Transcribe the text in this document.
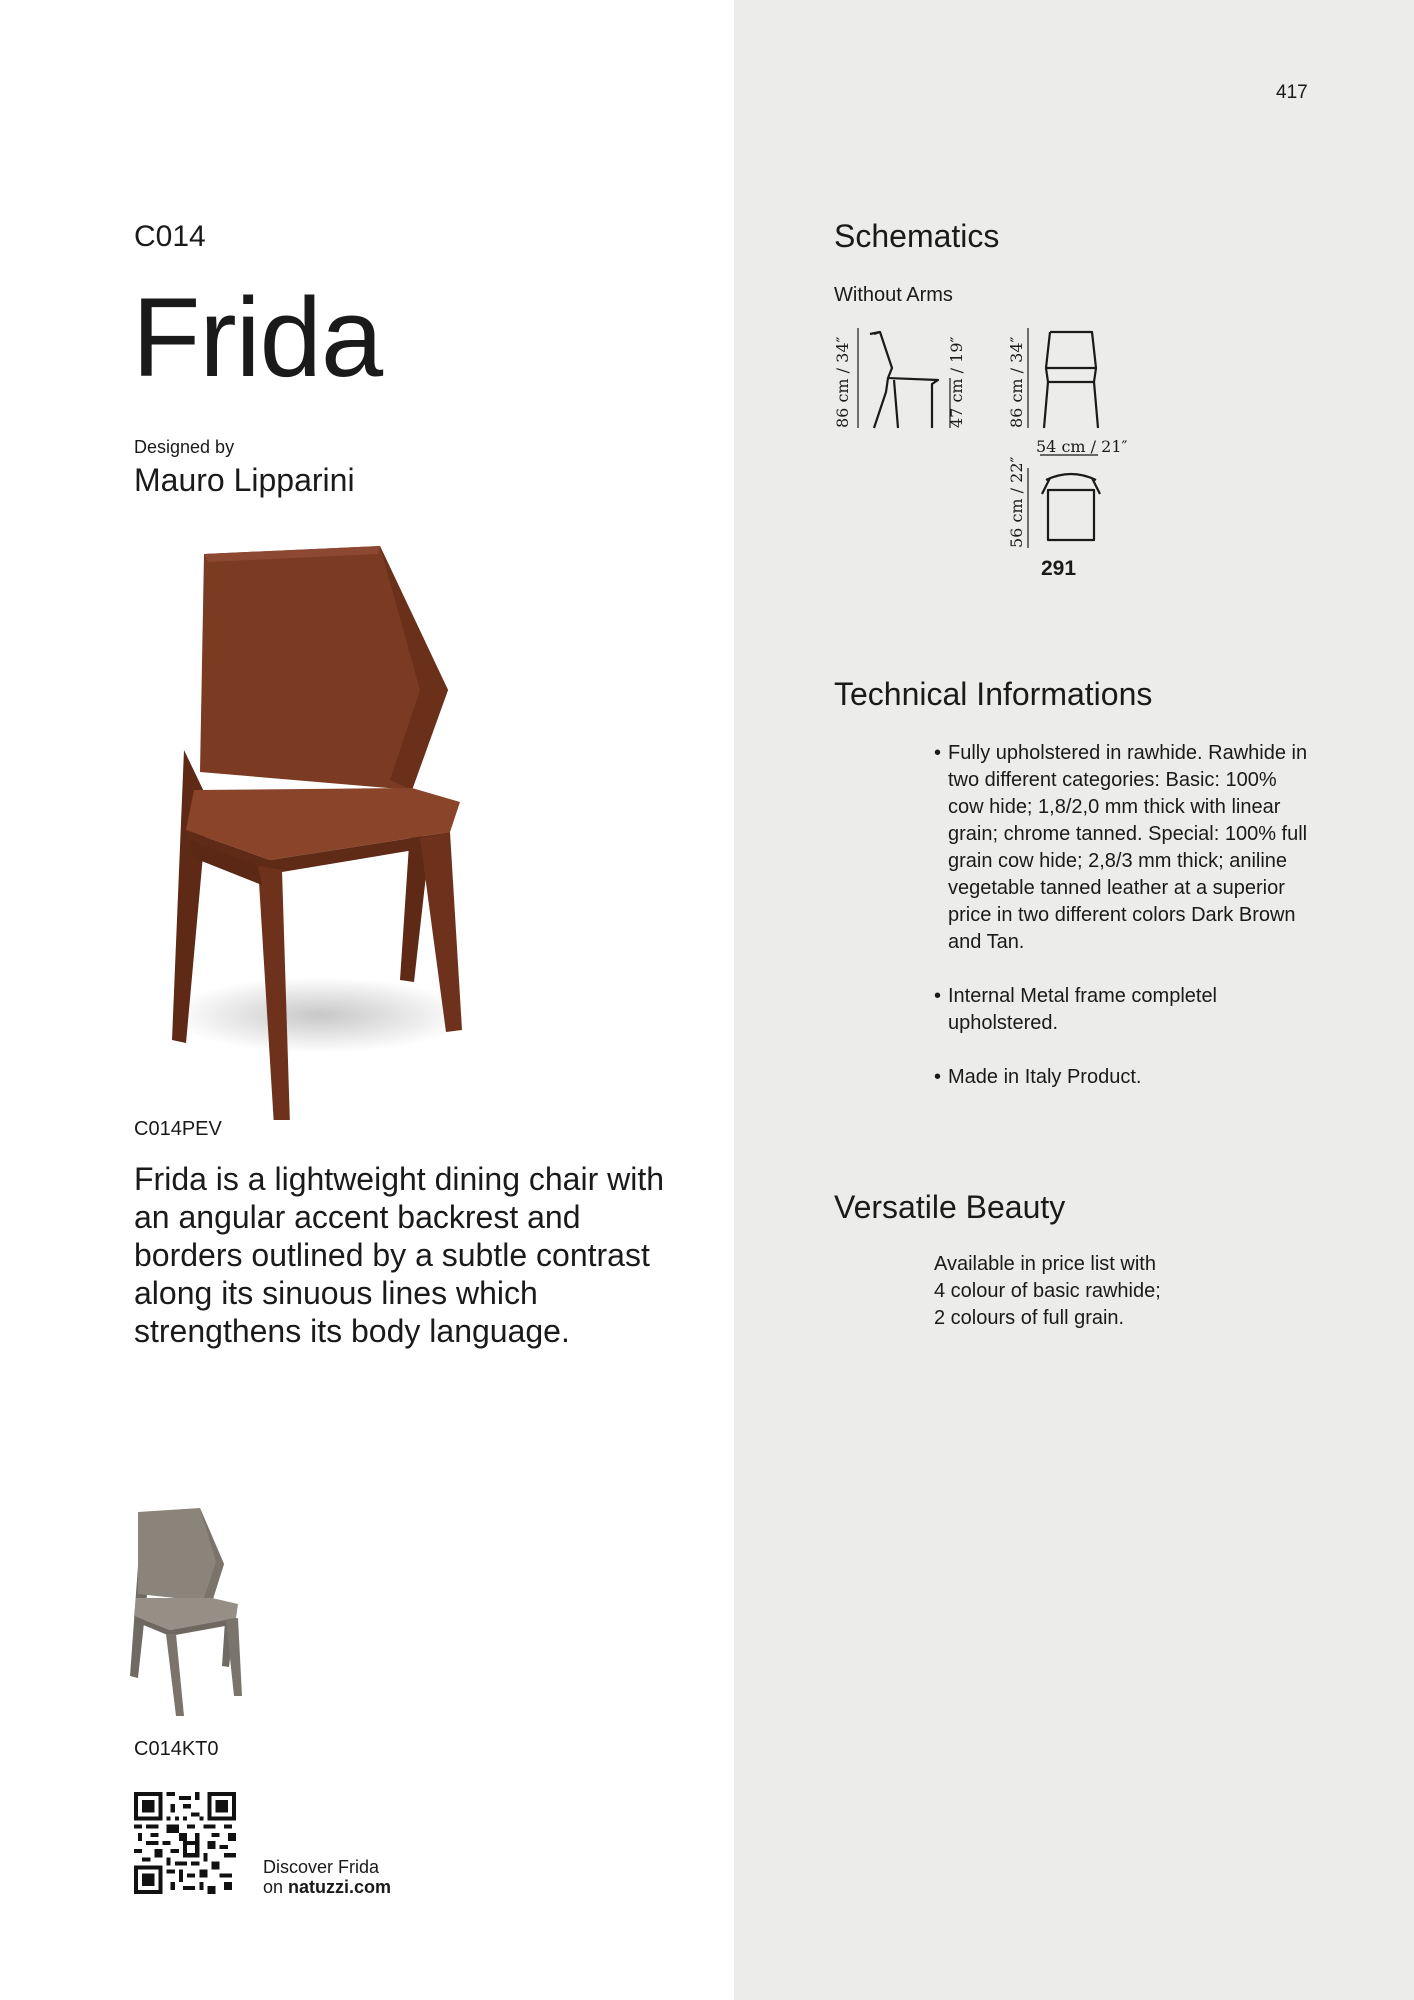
417
C014
Frida
Designed by
Mauro Lipparini
C014PEV
Frida is a lightweight dining chair with an angular accent backrest and borders outlined by a subtle contrast along its sinuous lines which strengthens its body language.
C014KT0
Discover Frida
on natuzzi.com
Schematics
Without Arms
86 cm / 34″	47 cm / 19″	86 cm / 34″
54 cm / 21″
56 cm / 22″
291
Technical Informations
• Fully upholstered in rawhide. Rawhide in two different categories: Basic: 100% cow hide; 1,8/2,0 mm thick with linear grain; chrome tanned. Special: 100% full grain cow hide; 2,8/3 mm thick; aniline vegetable tanned leather at a superior price in two different colors Dark Brown and Tan.
• Internal Metal frame completel upholstered.
• Made in Italy Product.
Versatile Beauty
Available in price list with
4 colour of basic rawhide;
2 colours of full grain.
